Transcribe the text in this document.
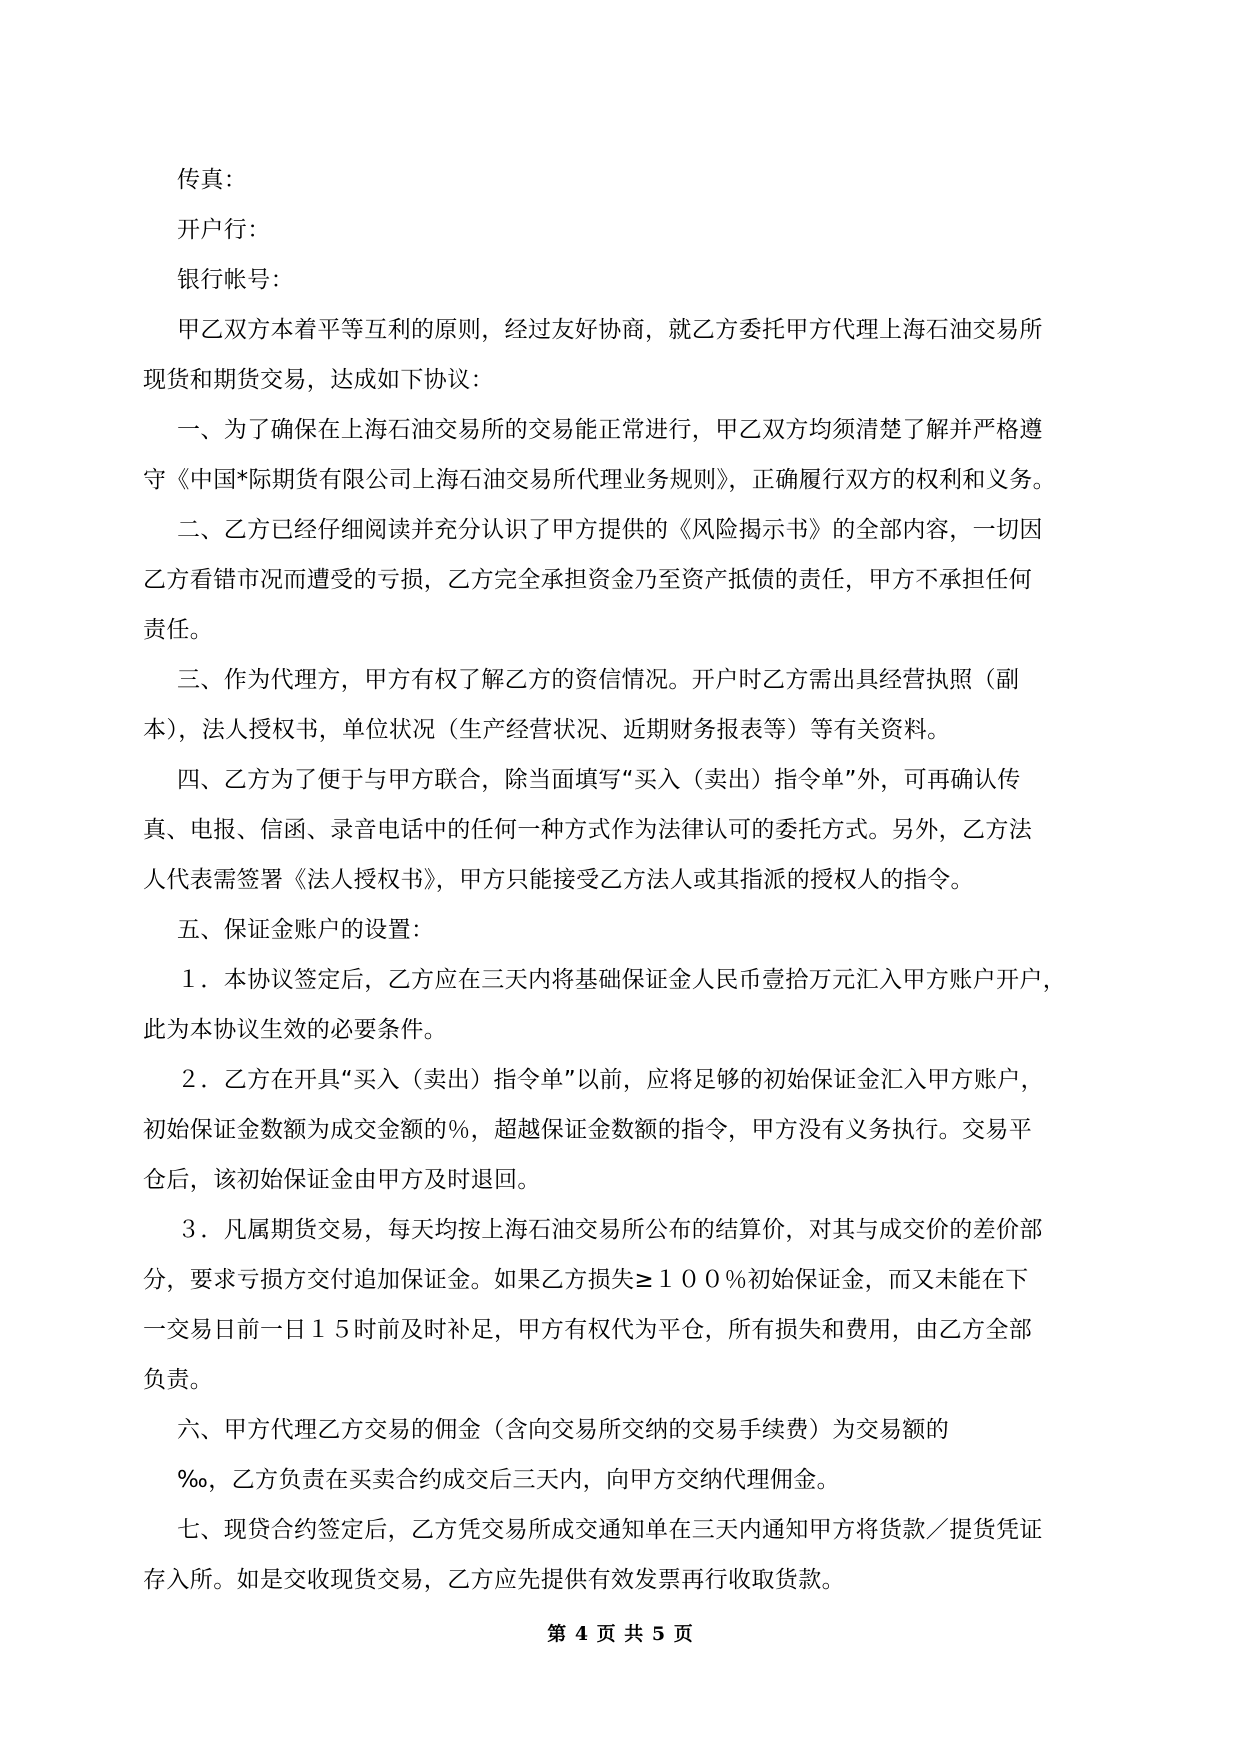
传真：
开户行：
银行帐号：
甲乙双方本着平等互利的原则，经过友好协商，就乙方委托甲方代理上海石油交易所
现货和期货交易，达成如下协议：
一、为了确保在上海石油交易所的交易能正常进行，甲乙双方均须清楚了解并严格遵
守《中国*际期货有限公司上海石油交易所代理业务规则》，正确履行双方的权利和义务。
二、乙方已经仔细阅读并充分认识了甲方提供的《风险揭示书》的全部内容，一切因
乙方看错市况而遭受的亏损，乙方完全承担资金乃至资产抵债的责任，甲方不承担任何
责任。
三、作为代理方，甲方有权了解乙方的资信情况。开户时乙方需出具经营执照（副
本），法人授权书，单位状况（生产经营状况、近期财务报表等）等有关资料。
四、乙方为了便于与甲方联合，除当面填写“买入（卖出）指令单”外，可再确认传
真、电报、信函、录音电话中的任何一种方式作为法律认可的委托方式。另外，乙方法
人代表需签署《法人授权书》，甲方只能接受乙方法人或其指派的授权人的指令。
五、保证金账户的设置：
１．本协议签定后，乙方应在三天内将基础保证金人民币壹拾万元汇入甲方账户开户，
此为本协议生效的必要条件。
２．乙方在开具“买入（卖出）指令单”以前，应将足够的初始保证金汇入甲方账户，
初始保证金数额为成交金额的％，超越保证金数额的指令，甲方没有义务执行。交易平
仓后，该初始保证金由甲方及时退回。
３．凡属期货交易，每天均按上海石油交易所公布的结算价，对其与成交价的差价部
分，要求亏损方交付追加保证金。如果乙方损失≥１００％初始保证金，而又未能在下
一交易日前一日１５时前及时补足，甲方有权代为平仓，所有损失和费用，由乙方全部
负责。
六、甲方代理乙方交易的佣金（含向交易所交纳的交易手续费）为交易额的
‰，乙方负责在买卖合约成交后三天内，向甲方交纳代理佣金。
七、现贷合约签定后，乙方凭交易所成交通知单在三天内通知甲方将货款／提货凭证
存入所。如是交收现货交易，乙方应先提供有效发票再行收取货款。
第 4 页 共 5 页
